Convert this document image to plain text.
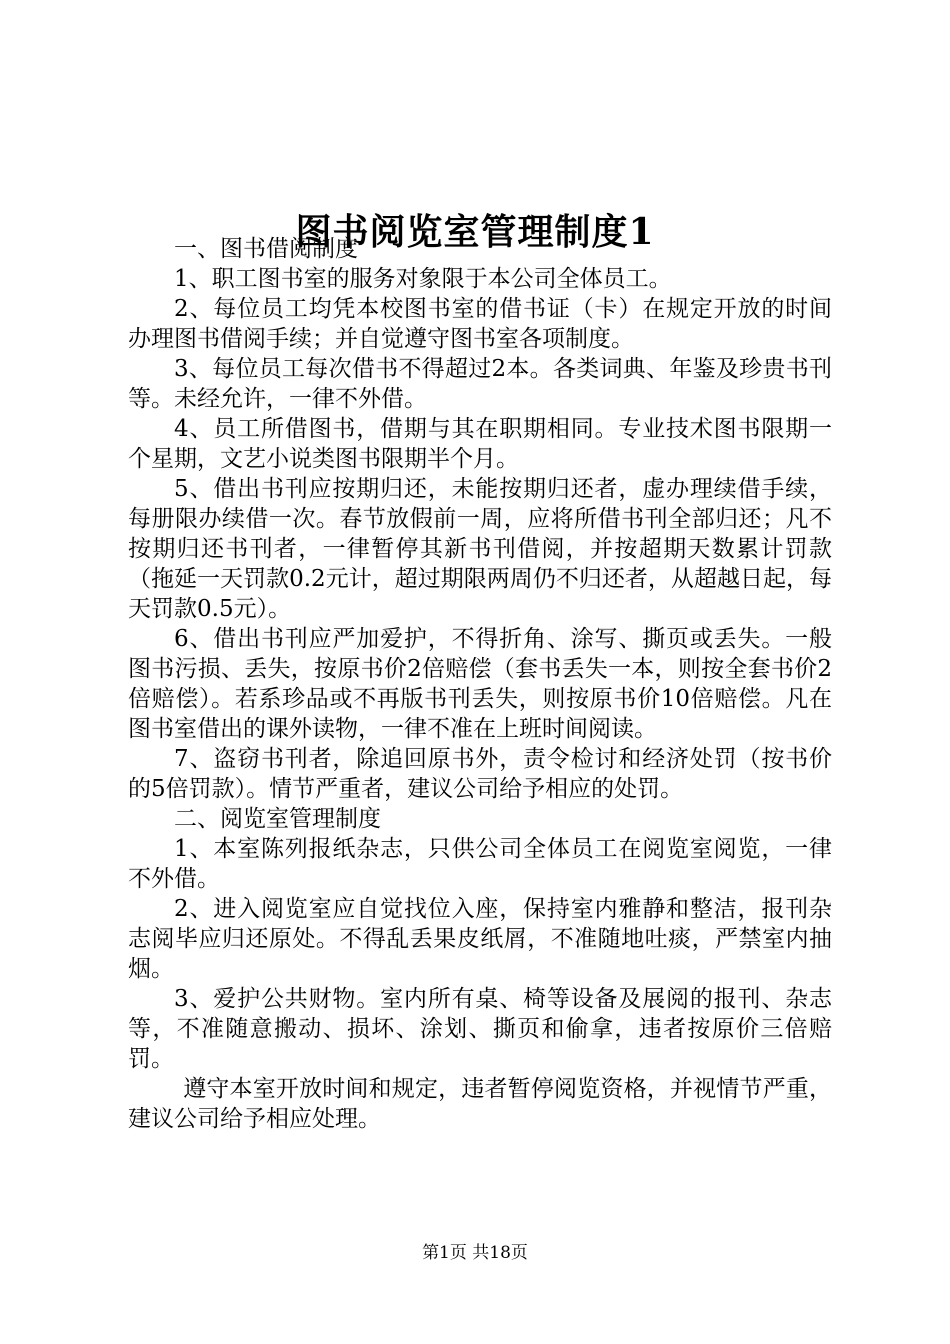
图书阅览室管理制度1

一、图书借阅制度

1、职工图书室的服务对象限于本公司全体员工。

2、每位员工均凭本校图书室的借书证（卡）在规定开放的时间办理图书借阅手续；并自觉遵守图书室各项制度。

3、每位员工每次借书不得超过2本。各类词典、年鉴及珍贵书刊等。未经允许，一律不外借。

4、员工所借图书，借期与其在职期相同。专业技术图书限期一个星期，文艺小说类图书限期半个月。

5、借出书刊应按期归还，未能按期归还者，虚办理续借手续，每册限办续借一次。春节放假前一周，应将所借书刊全部归还；凡不按期归还书刊者，一律暂停其新书刊借阅，并按超期天数累计罚款（拖延一天罚款0.2元计，超过期限两周仍不归还者，从超越日起，每天罚款0.5元）。

6、借出书刊应严加爱护，不得折角、涂写、撕页或丢失。一般图书污损、丢失，按原书价2倍赔偿（套书丢失一本，则按全套书价2倍赔偿）。若系珍品或不再版书刊丢失，则按原书价10倍赔偿。凡在图书室借出的课外读物，一律不准在上班时间阅读。

7、盗窃书刊者，除追回原书外，责令检讨和经济处罚（按书价的5倍罚款）。情节严重者，建议公司给予相应的处罚。

二、阅览室管理制度

1、本室陈列报纸杂志，只供公司全体员工在阅览室阅览，一律不外借。

2、进入阅览室应自觉找位入座，保持室内雅静和整洁，报刊杂志阅毕应归还原处。不得乱丢果皮纸屑，不准随地吐痰，严禁室内抽烟。

3、爱护公共财物。室内所有桌、椅等设备及展阅的报刊、杂志等，不准随意搬动、损坏、涂划、撕页和偷拿，违者按原价三倍赔罚。

遵守本室开放时间和规定，违者暂停阅览资格，并视情节严重，建议公司给予相应处理。

第1页 共18页
